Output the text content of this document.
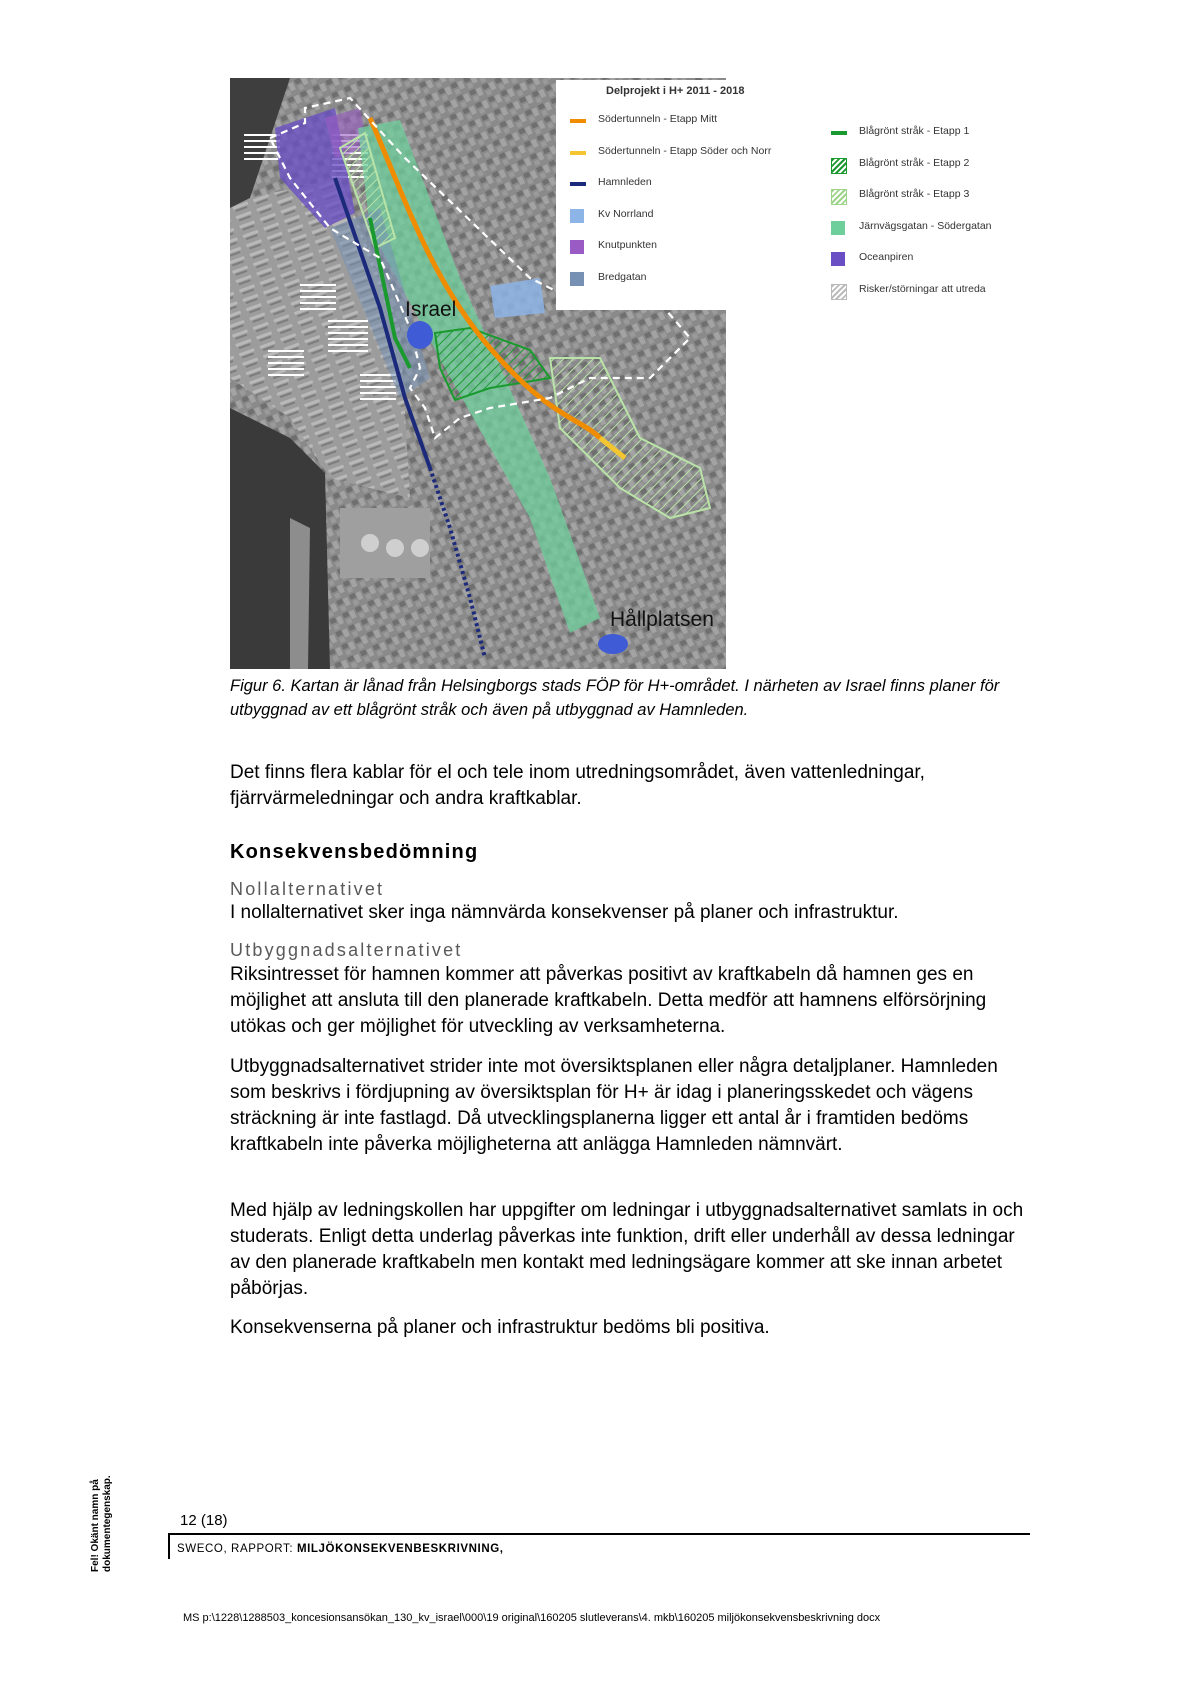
Israel
Hållplatsen
Delprojekt i H+ 2011 - 2018
Södertunneln - Etapp Mitt
Södertunneln - Etapp Söder och Norr
Hamnleden
Kv Norrland
Knutpunkten
Bredgatan
Blågrönt stråk - Etapp 1
Blågrönt stråk - Etapp 2
Blågrönt stråk - Etapp 3
Järnvägsgatan - Södergatan
Oceanpiren
Risker/störningar att utreda
Figur 6. Kartan är lånad från Helsingborgs stads FÖP för H+-området. I närheten av Israel finns planer för utbyggnad av ett blågrönt stråk och även på utbyggnad av Hamnleden.

Det finns flera kablar för el och tele inom utredningsområdet, även vattenledningar, fjärrvärmeledningar och andra kraftkablar.

Konsekvensbedömning
Nollalternativet

I nollalternativet sker inga nämnvärda konsekvenser på planer och infrastruktur.

Utbyggnadsalternativet

Riksintresset för hamnen kommer att påverkas positivt av kraftkabeln då hamnen ges en möjlighet att ansluta till den planerade kraftkabeln. Detta medför att hamnens elförsörjning utökas och ger möjlighet för utveckling av verksamheterna.

Utbyggnadsalternativet strider inte mot översiktsplanen eller några detaljplaner. Hamnleden som beskrivs i fördjupning av översiktsplan för H+ är idag i planeringsskedet och vägens sträckning är inte fastlagd. Då utvecklingsplanerna ligger ett antal år i framtiden bedöms kraftkabeln inte påverka möjligheterna att anlägga Hamnleden nämnvärt.

Med hjälp av ledningskollen har uppgifter om ledningar i utbyggnadsalternativet samlats in och studerats. Enligt detta underlag påverkas inte funktion, drift eller underhåll av dessa ledningar av den planerade kraftkabeln men kontakt med ledningsägare kommer att ske innan arbetet påbörjas.

Konsekvenserna på planer och infrastruktur bedöms bli positiva.

Fel! Okänt namn på dokumentegenskap.	12 (18)
SWECO, RAPPORT: MILJÖKONSEKVENBESKRIVNING,
MS p:\1228\1288503_koncesionsansökan_130_kv_israel\000\19 original\160205 slutleverans\4. mkb\160205 miljökonsekvensbeskrivning docx
